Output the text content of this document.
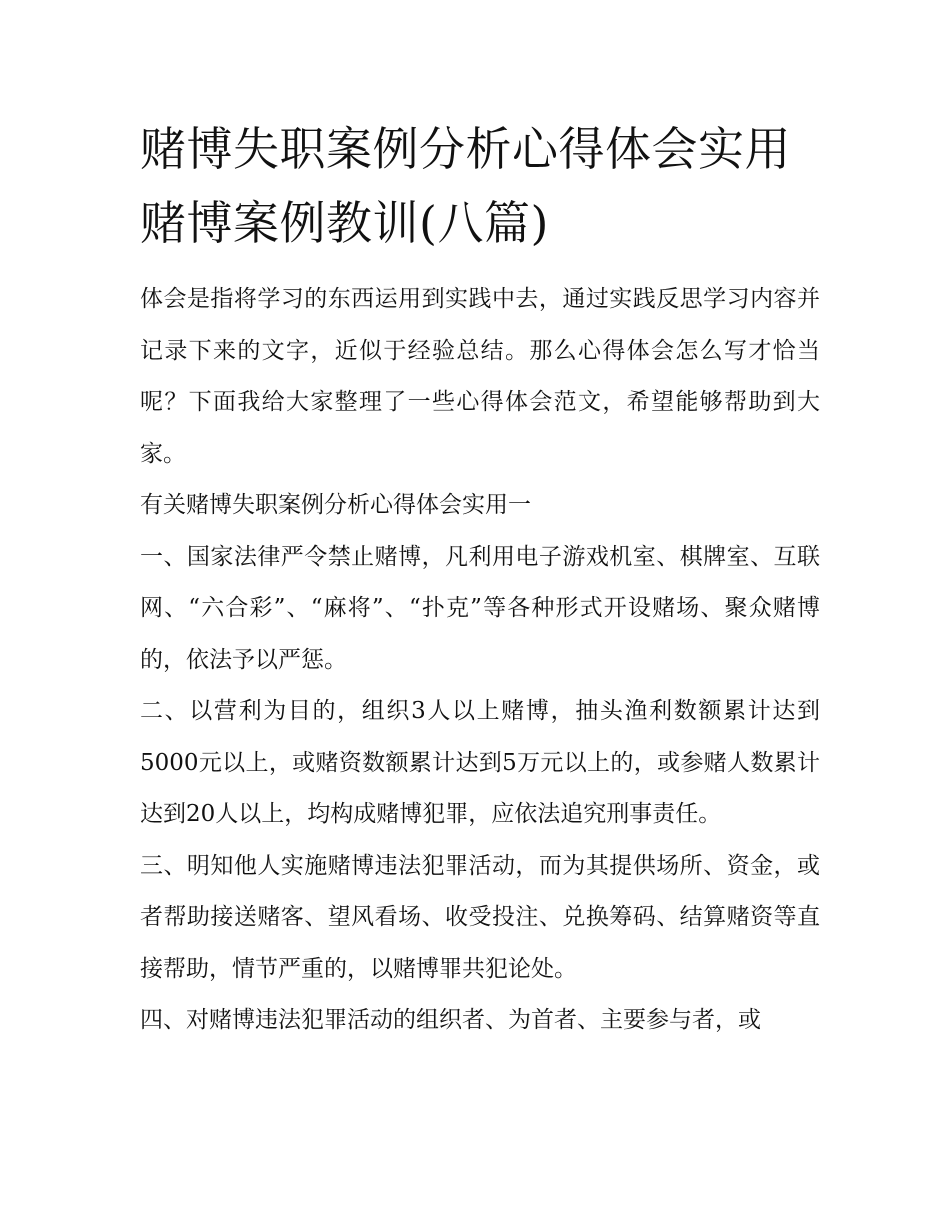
赌博失职案例分析心得体会实用 赌博案例教训(八篇)

体会是指将学习的东西运用到实践中去，通过实践反思学习内容并记录下来的文字，近似于经验总结。那么心得体会怎么写才恰当呢？下面我给大家整理了一些心得体会范文，希望能够帮助到大家。

有关赌博失职案例分析心得体会实用一

一、国家法律严令禁止赌博，凡利用电子游戏机室、棋牌室、互联网、“六合彩”、“麻将”、“扑克”等各种形式开设赌场、聚众赌博的，依法予以严惩。

二、以营利为目的，组织3人以上赌博，抽头渔利数额累计达到5000元以上，或赌资数额累计达到5万元以上的，或参赌人数累计达到20人以上，均构成赌博犯罪，应依法追究刑事责任。

三、明知他人实施赌博违法犯罪活动，而为其提供场所、资金，或者帮助接送赌客、望风看场、收受投注、兑换筹码、结算赌资等直接帮助，情节严重的，以赌博罪共犯论处。

四、对赌博违法犯罪活动的组织者、为首者、主要参与者，或
